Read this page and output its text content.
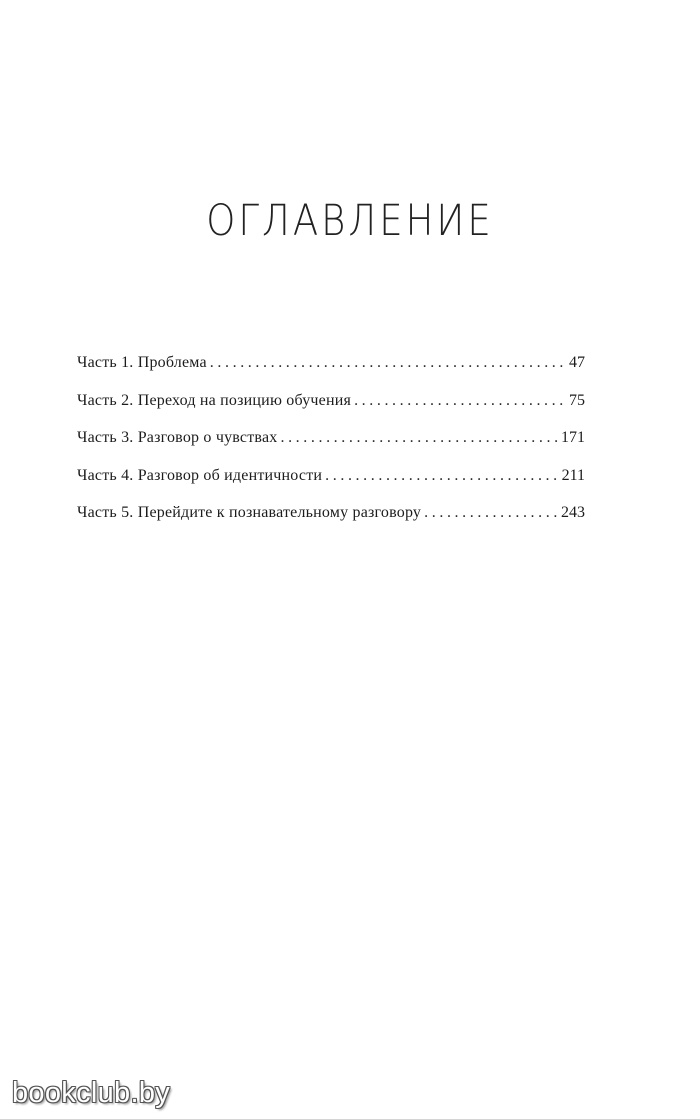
ОГЛАВЛЕНИЕ
Часть 1. Проблема .....	47
Часть 2. Переход на позицию обучения .....	75
Часть 3. Разговор о чувствах .....	171
Часть 4. Разговор об идентичности .....	211
Часть 5. Перейдите к познавательному разговору .....	243
bookclub.by
